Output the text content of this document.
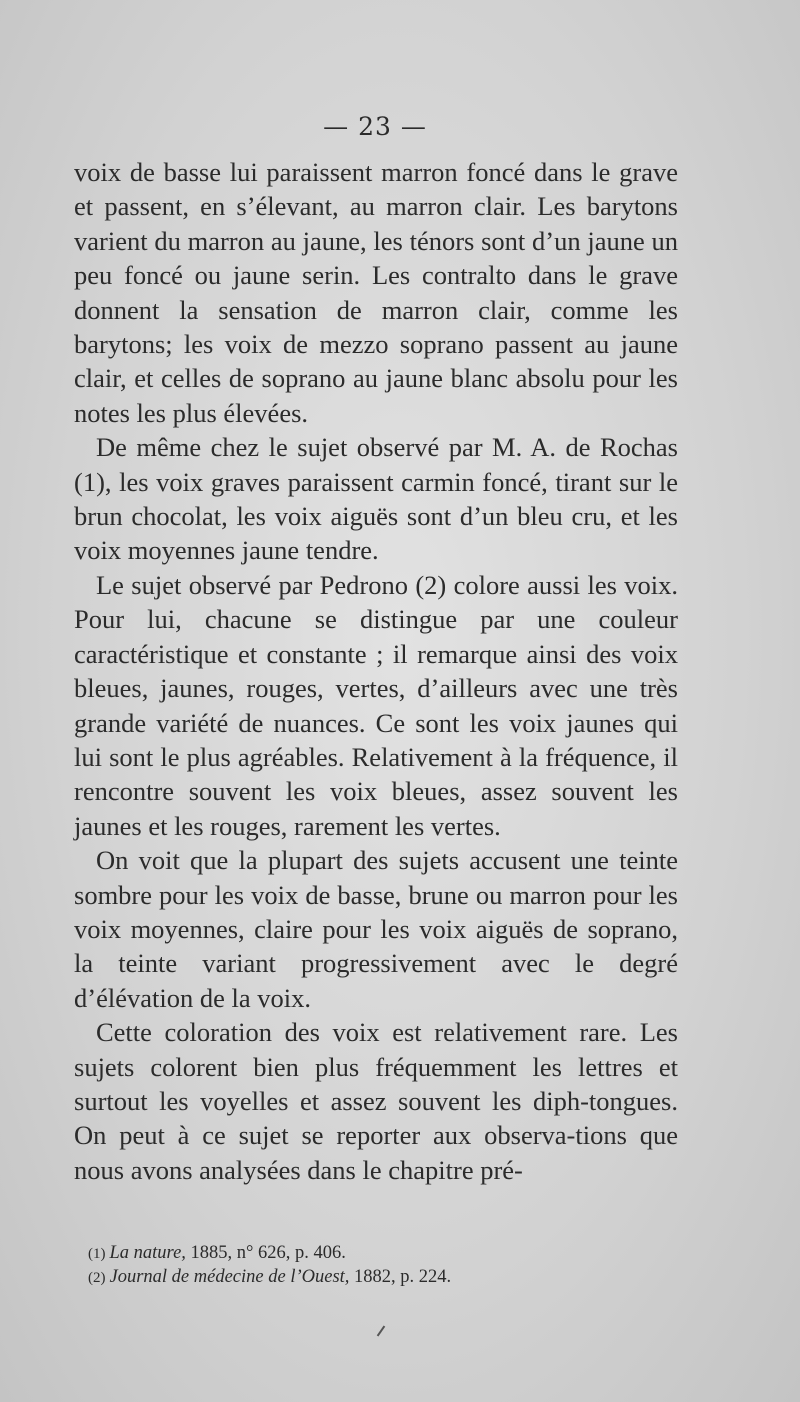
— 23 —

voix de basse lui paraissent marron foncé dans le grave et passent, en s’élevant, au marron clair. Les barytons varient du marron au jaune, les ténors sont d’un jaune un peu foncé ou jaune serin. Les contralto dans le grave donnent la sensation de marron clair, comme les barytons; les voix de mezzo soprano passent au jaune clair, et celles de soprano au jaune blanc absolu pour les notes les plus élevées.

De même chez le sujet observé par M. A. de Rochas (1), les voix graves paraissent carmin foncé, tirant sur le brun chocolat, les voix aiguës sont d’un bleu cru, et les voix moyennes jaune tendre.

Le sujet observé par Pedrono (2) colore aussi les voix. Pour lui, chacune se distingue par une couleur caractéristique et constante ; il remarque ainsi des voix bleues, jaunes, rouges, vertes, d’ailleurs avec une très grande variété de nuances. Ce sont les voix jaunes qui lui sont le plus agréables. Relativement à la fréquence, il rencontre souvent les voix bleues, assez souvent les jaunes et les rouges, rarement les vertes.

On voit que la plupart des sujets accusent une teinte sombre pour les voix de basse, brune ou marron pour les voix moyennes, claire pour les voix aiguës de soprano, la teinte variant progressivement avec le degré d’élévation de la voix.

Cette coloration des voix est relativement rare. Les sujets colorent bien plus fréquemment les lettres et surtout les voyelles et assez souvent les diph-tongues. On peut à ce sujet se reporter aux observa-tions que nous avons analysées dans le chapitre pré-

(1) La nature, 1885, n° 626, p. 406.

(2) Journal de médecine de l’Ouest, 1882, p. 224.
